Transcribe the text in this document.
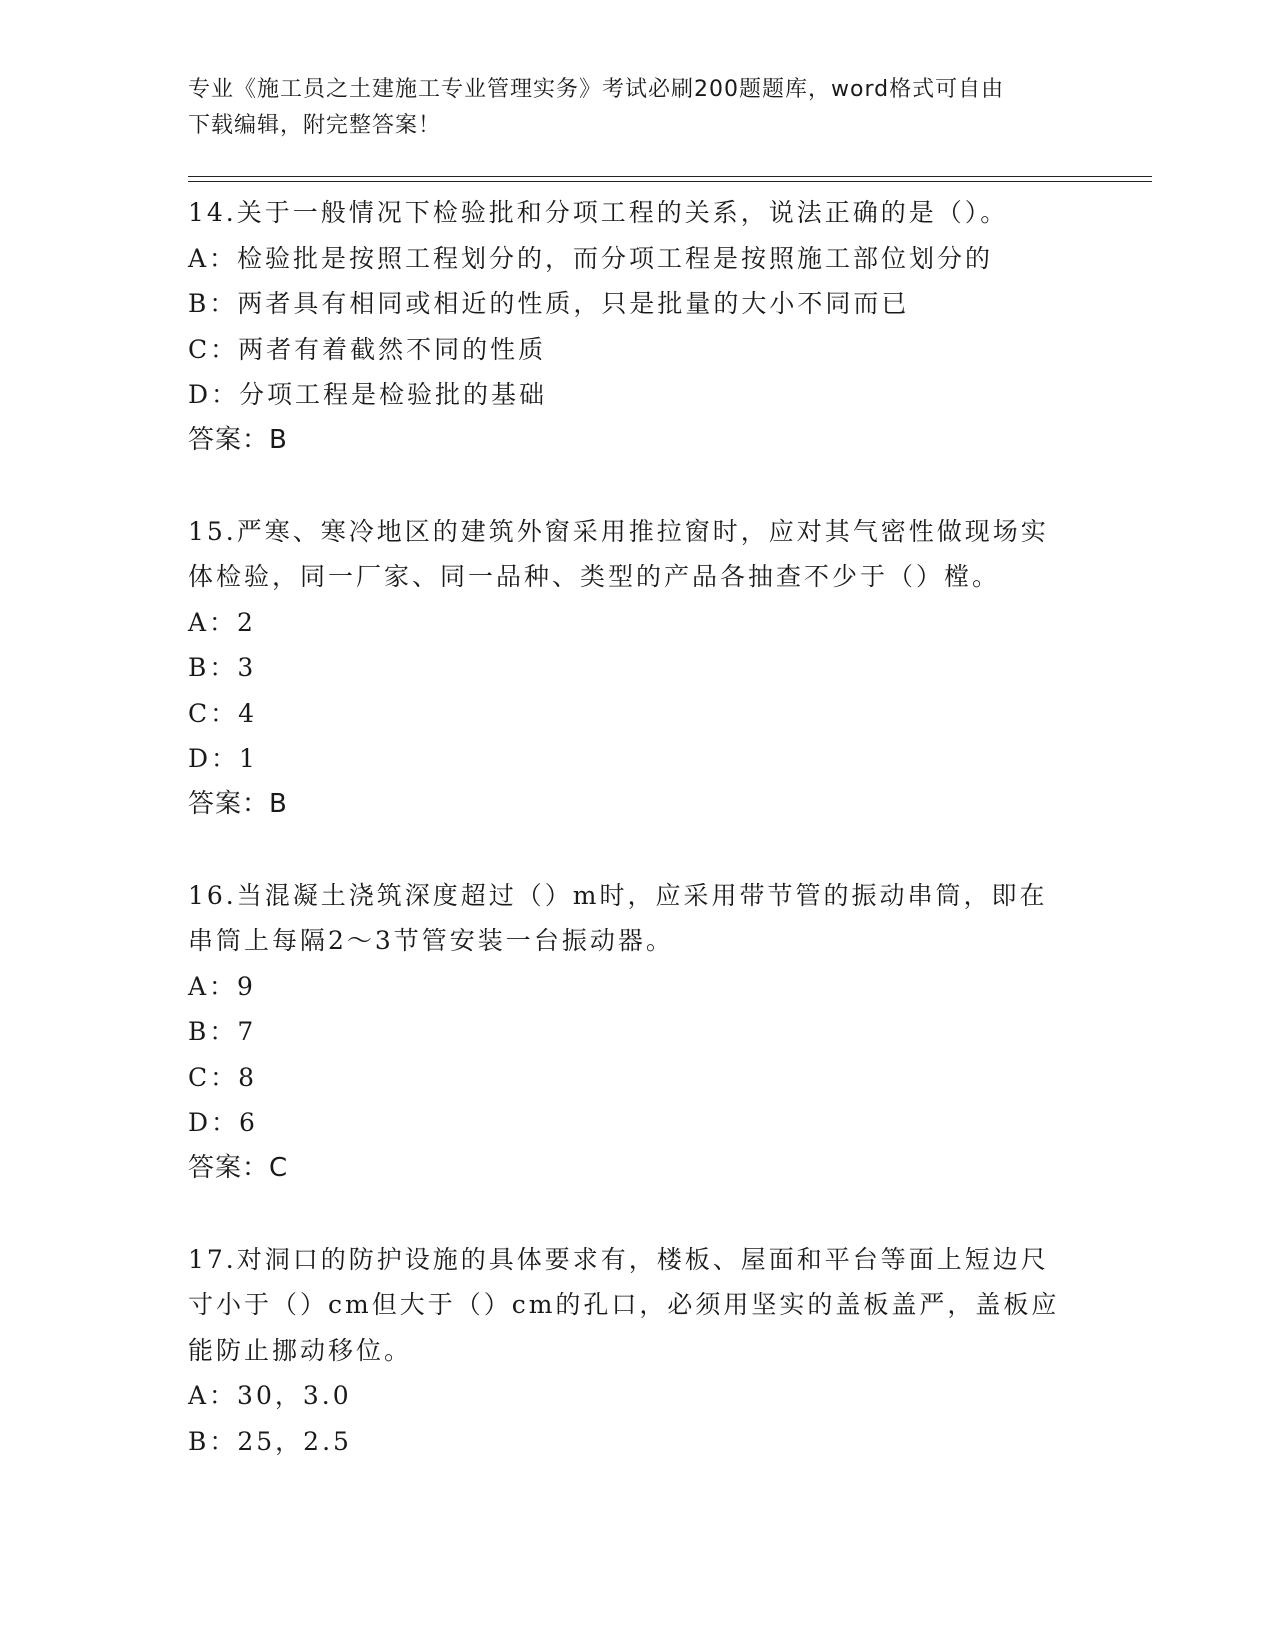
专业《施工员之土建施工专业管理实务》考试必刷200题题库，word格式可自由
下载编辑，附完整答案！

14.关于一般情况下检验批和分项工程的关系，说法正确的是（）。

A：检验批是按照工程划分的，而分项工程是按照施工部位划分的

B：两者具有相同或相近的性质，只是批量的大小不同而已

C：两者有着截然不同的性质

D：分项工程是检验批的基础

答案：B

15.严寒、寒冷地区的建筑外窗采用推拉窗时，应对其气密性做现场实

体检验，同一厂家、同一品种、类型的产品各抽查不少于（）樘。

A：2

B：3

C：4

D：1

答案：B

16.当混凝土浇筑深度超过（）m时，应采用带节管的振动串筒，即在

串筒上每隔2～3节管安装一台振动器。

A：9

B：7

C：8

D：6

答案：C

17.对洞口的防护设施的具体要求有，楼板、屋面和平台等面上短边尺

寸小于（）cm但大于（）cm的孔口，必须用坚实的盖板盖严，盖板应

能防止挪动移位。

A：30，3.0

B：25，2.5
